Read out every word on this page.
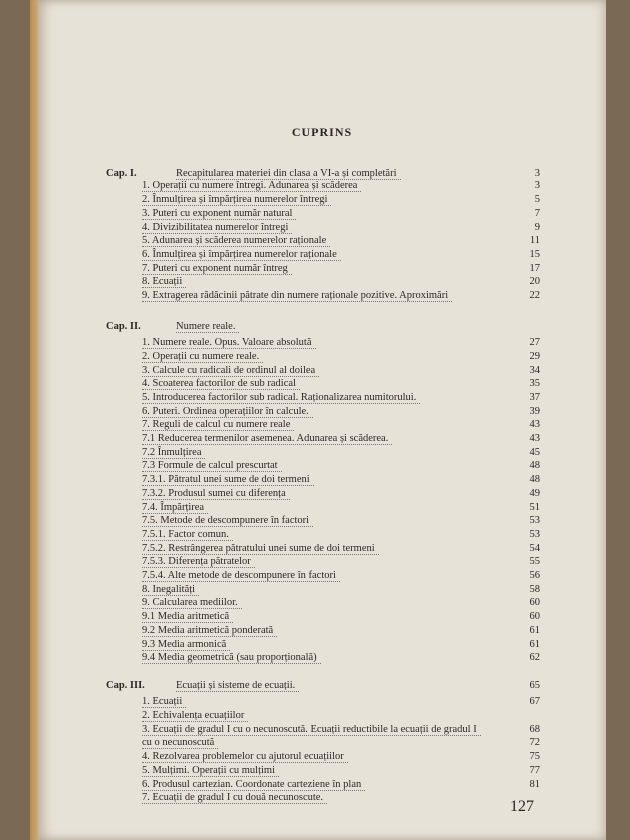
CUPRINS
Cap. I.	Recapitularea materiei din clasa a VI-a și completări	3
1. Operații cu numere întregi. Adunarea și scăderea	3
2. Înmulțirea și împărțirea numerelor întregi	5
3. Puteri cu exponent număr natural	7
4. Divizibilitatea numerelor întregi	9
5. Adunarea și scăderea numerelor raționale	11
6. Înmulțirea și împărțirea numerelor raționale	15
7. Puteri cu exponent număr întreg	17
8. Ecuații	20
9. Extragerea rădăcinii pătrate din numere raționale pozitive. Aproximări	22
Cap. II.	Numere reale.
1. Numere reale. Opus. Valoare absolută	27
2. Operații cu numere reale.	29
3. Calcule cu radicali de ordinul al doilea	34
4. Scoaterea factorilor de sub radical	35
5. Introducerea factorilor sub radical. Raționalizarea numitorului.	37
6. Puteri. Ordinea operațiilor în calcule.	39
7. Reguli de calcul cu numere reale	43
7.1 Reducerea termenilor asemenea. Adunarea și scăderea.	43
7.2 Înmulțirea	45
7.3 Formule de calcul prescurtat	48
7.3.1. Pătratul unei sume de doi termeni	48
7.3.2. Produsul sumei cu diferența	49
7.4. Împărțirea	51
7.5. Metode de descompunere în factori	53
7.5.1. Factor comun.	53
7.5.2. Restrângerea pătratului unei sume de doi termeni	54
7.5.3. Diferența pătratelor	55
7.5.4. Alte metode de descompunere în factori	56
8. Inegalități	58
9. Calcularea mediilor.	60
9.1 Media aritmetică	60
9.2 Media aritmetică ponderată	61
9.3 Media armonică	61
9.4 Media geometrică (sau proporțională)	62
Cap. III.	Ecuații și sisteme de ecuații.	65
1. Ecuații	67
2. Echivalența ecuațiilor
3. Ecuații de gradul I cu o necunoscută. Ecuații reductibile la ecuații de gradul I	68
cu o necunoscută	72
4. Rezolvarea problemelor cu ajutorul ecuațiilor	75
5. Mulțimi. Operații cu mulțimi	77
6. Produsul cartezian. Coordonate carteziene în plan	81
7. Ecuații de gradul I cu două necunoscute.
127
